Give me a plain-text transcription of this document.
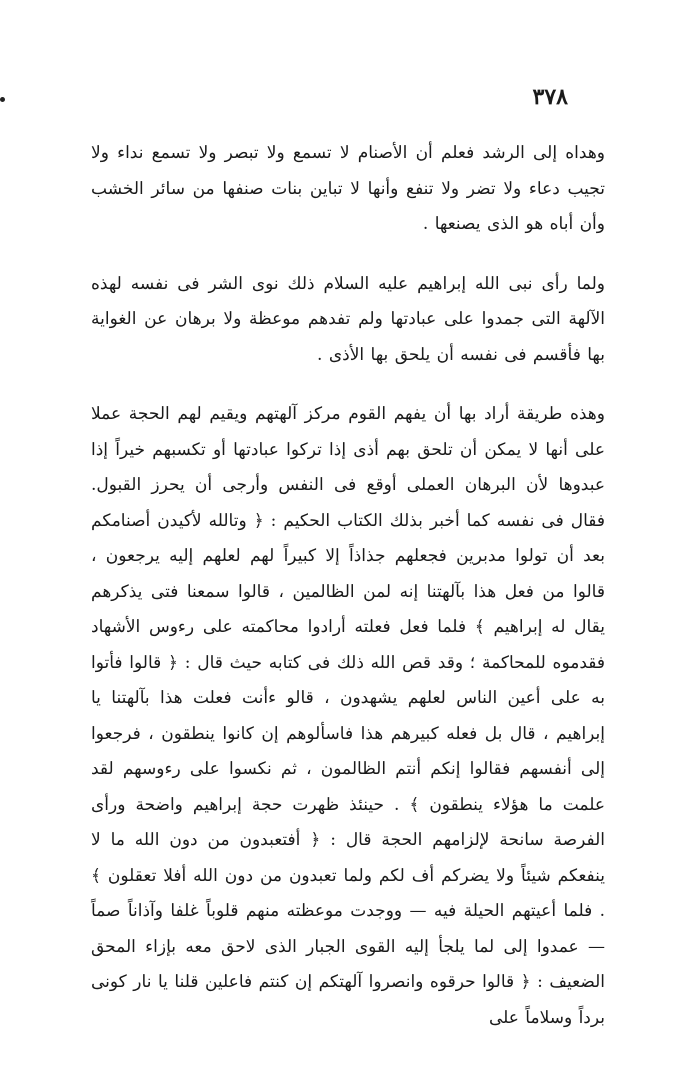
٣٧٨

وهداه إلى الرشد فعلم أن الأصنام لا تسمع ولا تبصر ولا تسمع نداء ولا تجيب دعاء ولا تضر ولا تنفع وأنها لا تباين بنات صنفها من سائر الخشب وأن أباه هو الذى يصنعها .

ولما رأى نبى الله إبراهيم عليه السلام ذلك نوى الشر فى نفسه لهذه الآلهة التى جمدوا على عبادتها ولم تفدهم موعظة ولا برهان عن الغواية بها فأقسم فى نفسه أن يلحق بها الأذى .

وهذه طريقة أراد بها أن يفهم القوم مركز آلهتهم ويقيم لهم الحجة عملا على أنها لا يمكن أن تلحق بهم أذى إذا تركوا عبادتها أو تكسبهم خيراً إذا عبدوها لأن البرهان العملى أوقع فى النفس وأرجى أن يحرز القبول. فقال فى نفسه كما أخبر بذلك الكتاب الحكيم : ﴿ وتالله لأكيدن أصنامكم بعد أن تولوا مدبرين فجعلهم جذاذاً إلا كبيراً لهم لعلهم إليه يرجعون ، قالوا من فعل هذا بآلهتنا إنه لمن الظالمين ، قالوا سمعنا فتى يذكرهم يقال له إبراهيم ﴾ فلما فعل فعلته أرادوا محاكمته على رءوس الأشهاد فقدموه للمحاكمة ؛ وقد قص الله ذلك فى كتابه حيث قال : ﴿ قالوا فأتوا به على أعين الناس لعلهم يشهدون ، قالو ءأنت فعلت هذا بآلهتنا يا إبراهيم ، قال بل فعله كبيرهم هذا فاسألوهم إن كانوا ينطقون ، فرجعوا إلى أنفسهم فقالوا إنكم أنتم الظالمون ، ثم نكسوا على رءوسهم لقد علمت ما هؤلاء ينطقون ﴾ . حينئذ ظهرت حجة إبراهيم واضحة ورأى الفرصة سانحة لإلزامهم الحجة قال : ﴿ أفتعبدون من دون الله ما لا ينفعكم شيئاً ولا يضركم أف لكم ولما تعبدون من دون الله أفلا تعقلون ﴾ . فلما أعيتهم الحيلة فيه — ووجدت موعظته منهم قلوباً غلفا وآذاناً صماً — عمدوا إلى لما يلجأ إليه القوى الجبار الذى لاحق معه بإزاء المحق الضعيف : ﴿ قالوا حرقوه وانصروا آلهتكم إن كنتم فاعلين قلنا يا نار كونى برداً وسلاماً على
